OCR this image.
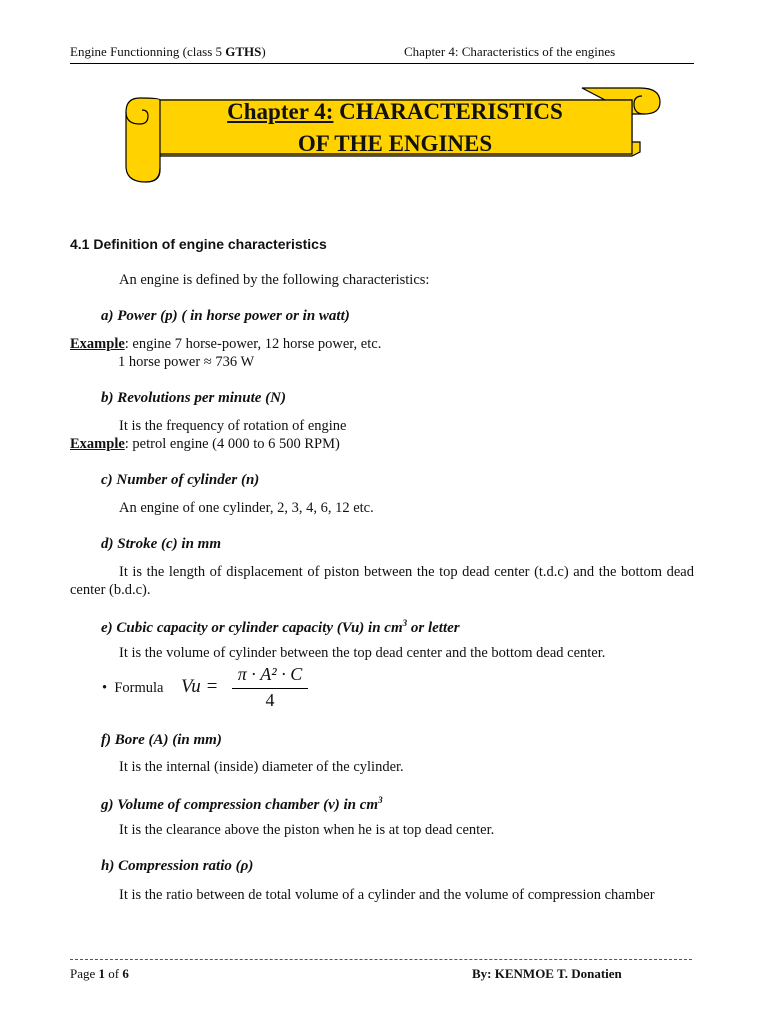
Engine Functionning (class 5 GTHS)	Chapter 4: Characteristics of the engines
Chapter 4: CHARACTERISTICS
OF THE ENGINES
4.1 Definition of engine characteristics
An engine is defined by the following characteristics:
a) Power (p) ( in horse power or in watt)
Example: engine 7 horse-power, 12 horse power, etc.
1 horse power ≈ 736 W
b) Revolutions per minute (N)
It is the frequency of rotation of engine
Example: petrol engine (4 000 to 6 500 RPM)
c) Number of cylinder (n)
An engine of one cylinder, 2, 3, 4, 6, 12 etc.
d) Stroke (c) in mm
It is the length of displacement of piston between the top dead center (t.d.c) and the bottom dead center (b.d.c).
e) Cubic capacity or cylinder capacity (Vu) in $cm^3$ or letter
It is the volume of cylinder between the top dead center and the bottom dead center.
•  Formula Vu =
π · A² · C
4
f) Bore (A) (in mm)
It is the internal (inside) diameter of the cylinder.
g) Volume of compression chamber (v) in $cm^3$
It is the clearance above the piston when he is at top dead center.
h) Compression ratio (ρ)
It is the ratio between de total volume of a cylinder and the volume of compression chamber
Page 1 of 6	By: KENMOE T. Donatien
